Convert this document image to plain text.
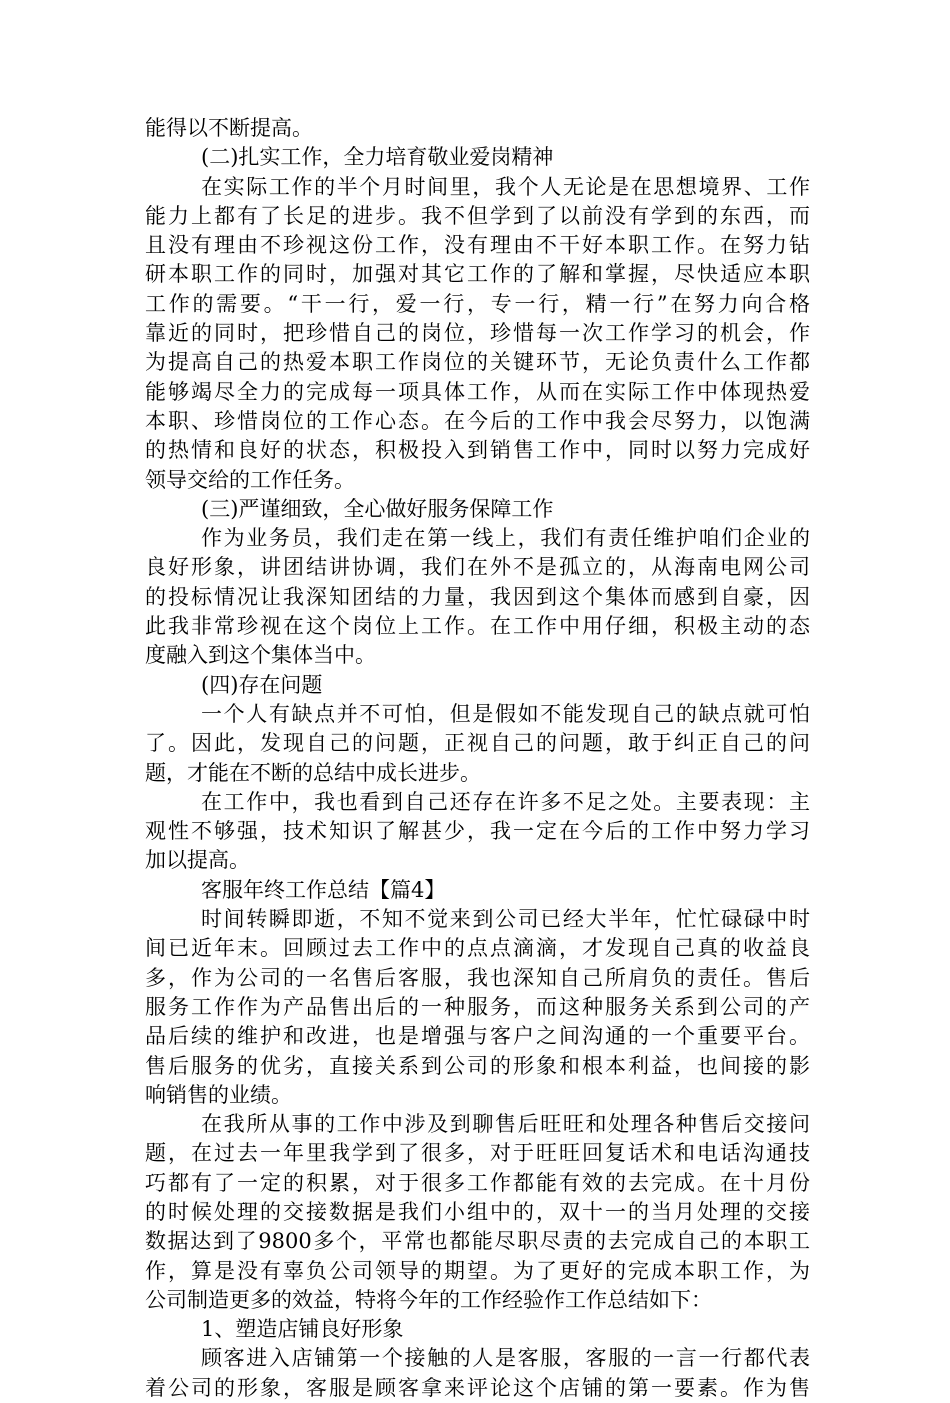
能得以不断提高。
(二)扎实工作，全力培育敬业爱岗精神
在实际工作的半个月时间里，我个人无论是在思想境界、工作
能力上都有了长足的进步。我不但学到了以前没有学到的东西，而
且没有理由不珍视这份工作，没有理由不干好本职工作。在努力钻
研本职工作的同时，加强对其它工作的了解和掌握，尽快适应本职
工作的需要。“干一行，爱一行，专一行，精一行”在努力向合格
靠近的同时，把珍惜自己的岗位，珍惜每一次工作学习的机会，作
为提高自己的热爱本职工作岗位的关键环节，无论负责什么工作都
能够竭尽全力的完成每一项具体工作，从而在实际工作中体现热爱
本职、珍惜岗位的工作心态。在今后的工作中我会尽努力，以饱满
的热情和良好的状态，积极投入到销售工作中，同时以努力完成好
领导交给的工作任务。
(三)严谨细致，全心做好服务保障工作
作为业务员，我们走在第一线上，我们有责任维护咱们企业的
良好形象，讲团结讲协调，我们在外不是孤立的，从海南电网公司
的投标情况让我深知团结的力量，我因到这个集体而感到自豪，因
此我非常珍视在这个岗位上工作。在工作中用仔细，积极主动的态
度融入到这个集体当中。
(四)存在问题
一个人有缺点并不可怕，但是假如不能发现自己的缺点就可怕
了。因此，发现自己的问题，正视自己的问题，敢于纠正自己的问
题，才能在不断的总结中成长进步。
在工作中，我也看到自己还存在许多不足之处。主要表现：主
观性不够强，技术知识了解甚少，我一定在今后的工作中努力学习
加以提高。
客服年终工作总结【篇4】
时间转瞬即逝，不知不觉来到公司已经大半年，忙忙碌碌中时
间已近年末。回顾过去工作中的点点滴滴，才发现自己真的收益良
多，作为公司的一名售后客服，我也深知自己所肩负的责任。售后
服务工作作为产品售出后的一种服务，而这种服务关系到公司的产
品后续的维护和改进，也是增强与客户之间沟通的一个重要平台。
售后服务的优劣，直接关系到公司的形象和根本利益，也间接的影
响销售的业绩。
在我所从事的工作中涉及到聊售后旺旺和处理各种售后交接问
题，在过去一年里我学到了很多，对于旺旺回复话术和电话沟通技
巧都有了一定的积累，对于很多工作都能有效的去完成。在十月份
的时候处理的交接数据是我们小组中的，双十一的当月处理的交接
数据达到了9800多个，平常也都能尽职尽责的去完成自己的本职工
作，算是没有辜负公司领导的期望。为了更好的完成本职工作，为
公司制造更多的效益，特将今年的工作经验作工作总结如下：
1、塑造店铺良好形象
顾客进入店铺第一个接触的人是客服，客服的一言一行都代表
着公司的形象，客服是顾客拿来评论这个店铺的第一要素。作为售
